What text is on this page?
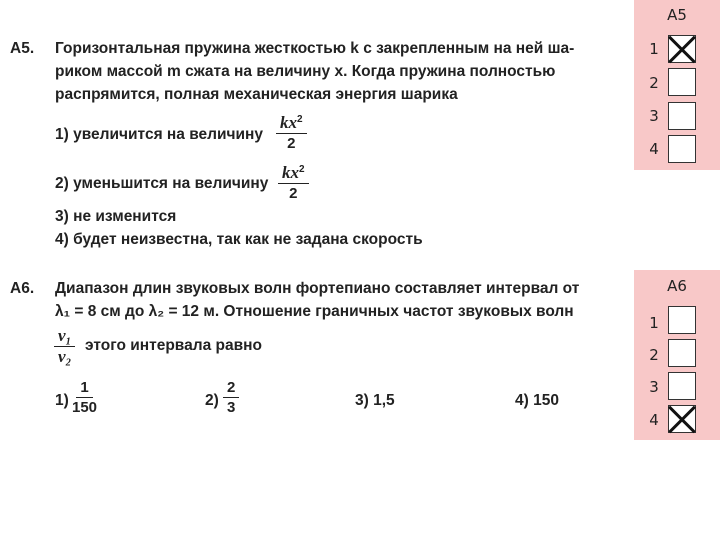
А5. Горизонтальная пружина жесткостью k с закрепленным на ней ша-
риком массой m сжата на величину x. Когда пружина полностью
распрямится, полная механическая энергия шарика
1) увеличится на величину $\frac{kx^2}{2}$
2) уменьшится на величину $\frac{kx^2}{2}$
3) не изменится
4) будет неизвестна, так как не задана скорость
А6. Диапазон длин звуковых волн фортепиано составляет интервал от
λ₁ = 8 см до λ₂ = 12 м. Отношение граничных частот звуковых волн
$\frac{\text{ν₁}}{\text{ν₂}}$ этого интервала равно
$1) \frac{1}{150}$	$2) \frac{2}{3}$	3) 1,5	4) 150
А5
1
2
3
4
А6
1
2
3
4
